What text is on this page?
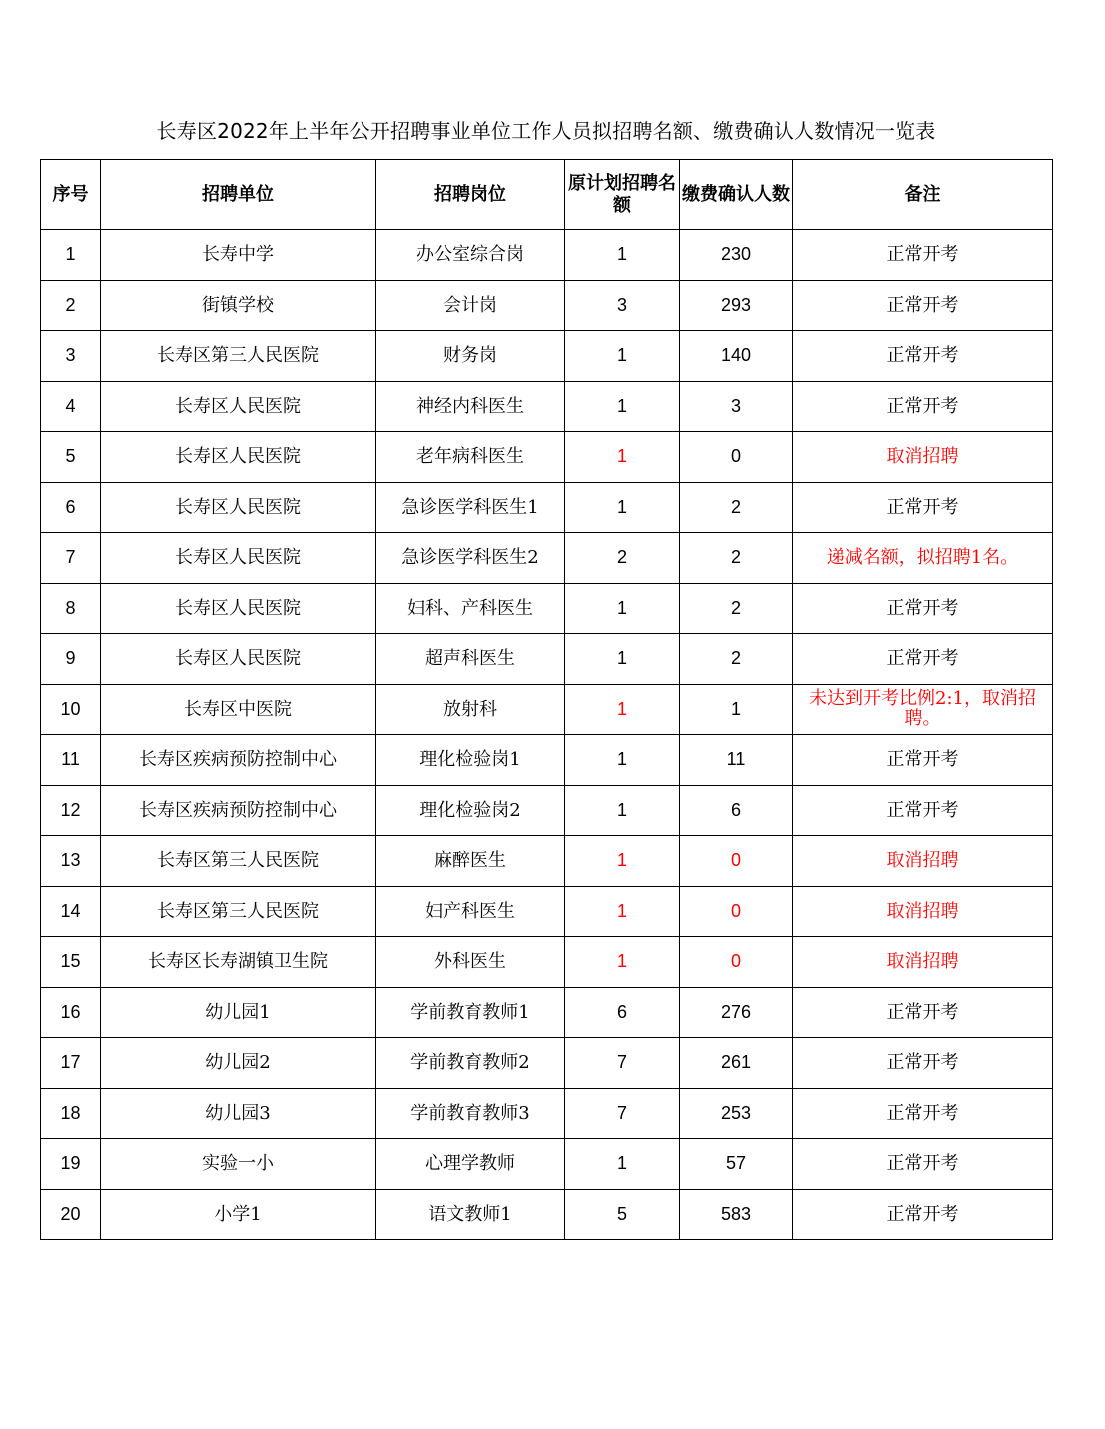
长寿区2022年上半年公开招聘事业单位工作人员拟招聘名额、缴费确认人数情况一览表
序号	招聘单位	招聘岗位	原计划招聘名额	缴费确认人数	备注
1	长寿中学	办公室综合岗	1	230	正常开考
2	街镇学校	会计岗	3	293	正常开考
3	长寿区第三人民医院	财务岗	1	140	正常开考
4	长寿区人民医院	神经内科医生	1	3	正常开考
5	长寿区人民医院	老年病科医生	1	0	取消招聘
6	长寿区人民医院	急诊医学科医生1	1	2	正常开考
7	长寿区人民医院	急诊医学科医生2	2	2	递减名额，拟招聘1名。
8	长寿区人民医院	妇科、产科医生	1	2	正常开考
9	长寿区人民医院	超声科医生	1	2	正常开考
10	长寿区中医院	放射科	1	1	未达到开考比例2:1，取消招聘。
11	长寿区疾病预防控制中心	理化检验岗1	1	11	正常开考
12	长寿区疾病预防控制中心	理化检验岗2	1	6	正常开考
13	长寿区第三人民医院	麻醉医生	1	0	取消招聘
14	长寿区第三人民医院	妇产科医生	1	0	取消招聘
15	长寿区长寿湖镇卫生院	外科医生	1	0	取消招聘
16	幼儿园1	学前教育教师1	6	276	正常开考
17	幼儿园2	学前教育教师2	7	261	正常开考
18	幼儿园3	学前教育教师3	7	253	正常开考
19	实验一小	心理学教师	1	57	正常开考
20	小学1	语文教师1	5	583	正常开考
